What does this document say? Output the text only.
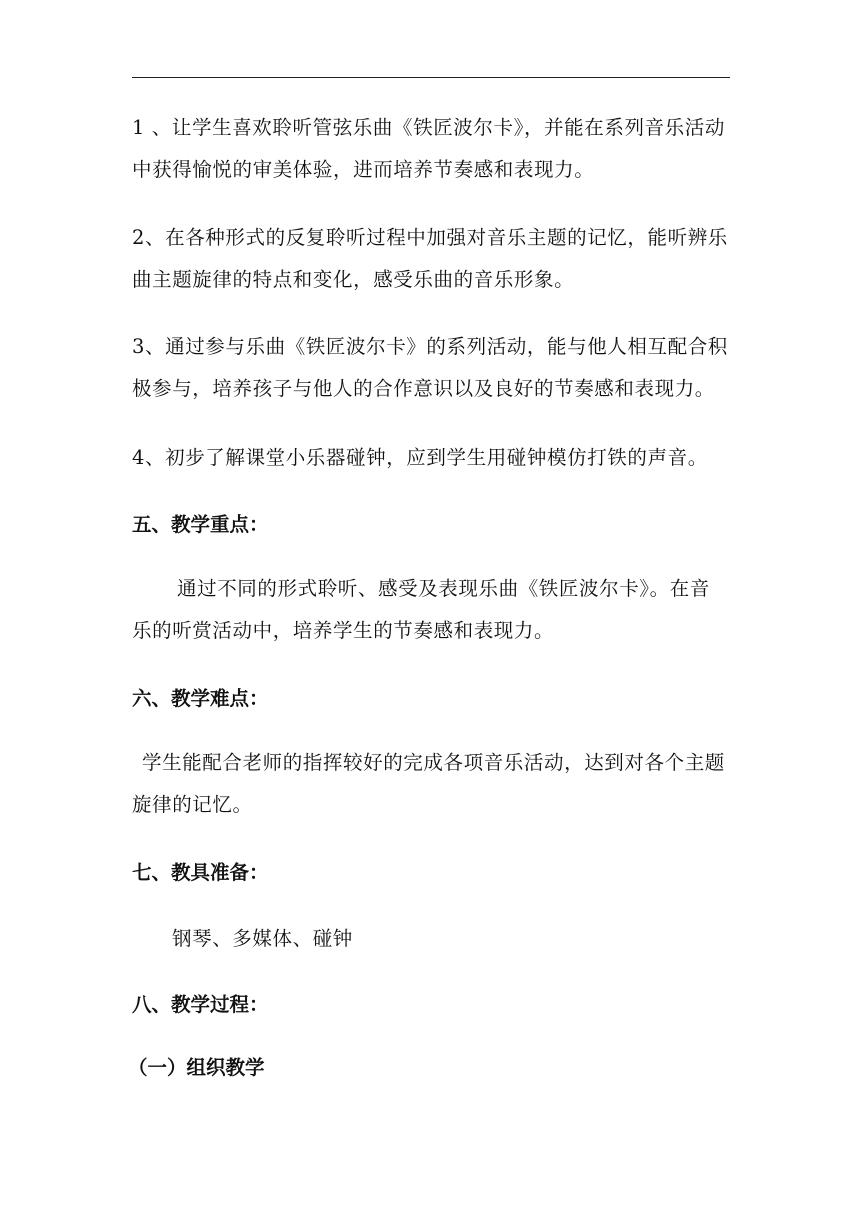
1 、让学生喜欢聆听管弦乐曲《铁匠波尔卡》，并能在系列音乐活动
中获得愉悦的审美体验，进而培养节奏感和表现力。

2、在各种形式的反复聆听过程中加强对音乐主题的记忆，能听辨乐
曲主题旋律的特点和变化，感受乐曲的音乐形象。

3、通过参与乐曲《铁匠波尔卡》的系列活动，能与他人相互配合积
极参与，培养孩子与他人的合作意识以及良好的节奏感和表现力。

4、初步了解课堂小乐器碰钟，应到学生用碰钟模仿打铁的声音。

五、教学重点：

通过不同的形式聆听、感受及表现乐曲《铁匠波尔卡》。在音
乐的听赏活动中，培养学生的节奏感和表现力。

六、教学难点：

学生能配合老师的指挥较好的完成各项音乐活动，达到对各个主题
旋律的记忆。

七、教具准备：

钢琴、多媒体、碰钟

八、教学过程：
（一）组织教学
